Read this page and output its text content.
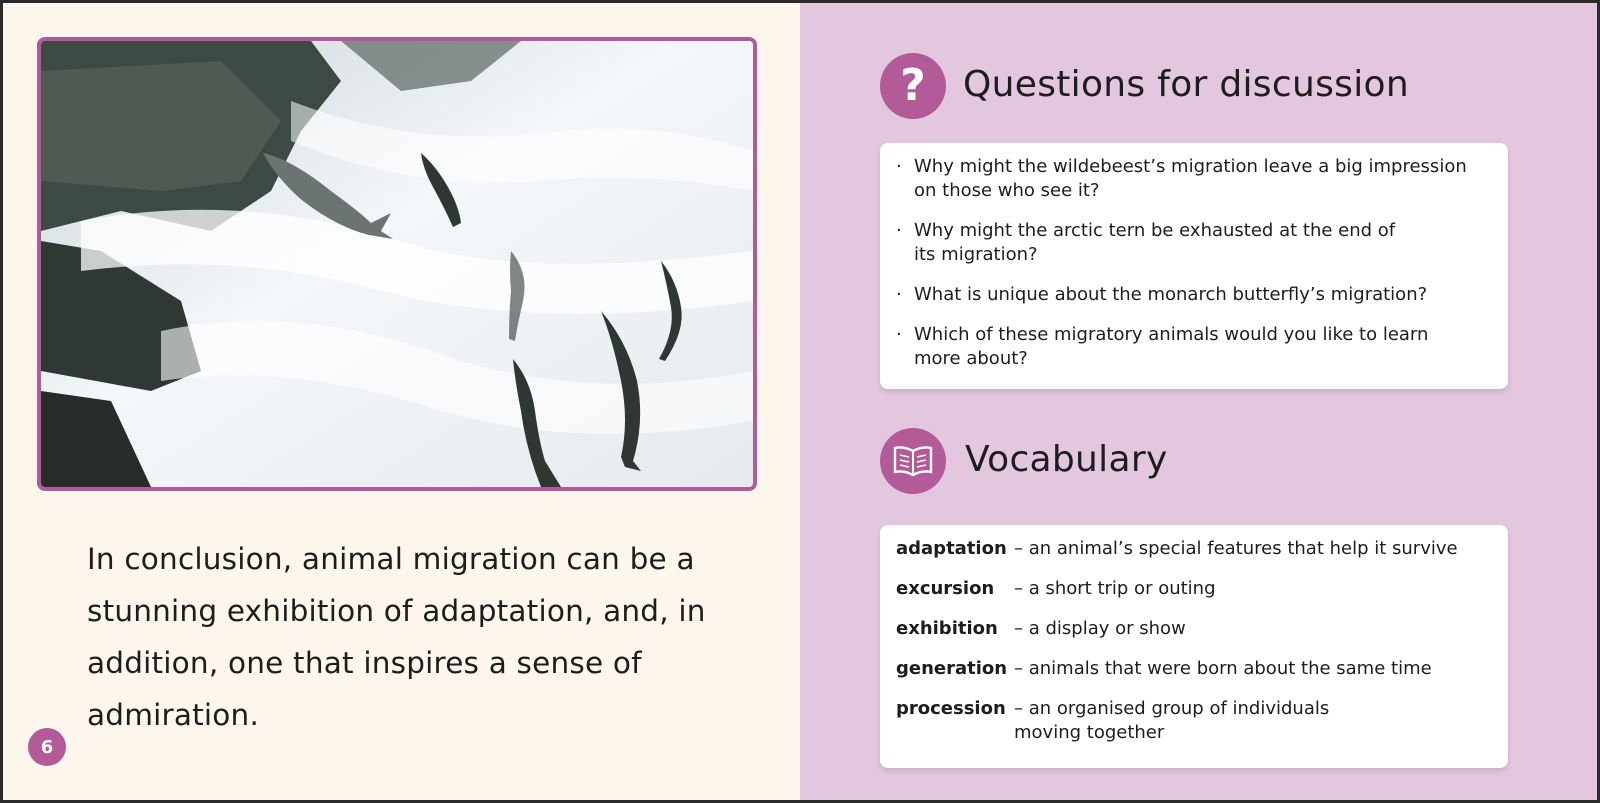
In conclusion, animal migration can be a stunning exhibition of adaptation, and, in addition, one that inspires a sense of admiration.

6
? Questions for discussion
· Why might the wildebeest’s migration leave a big impression on those who see it?
· Why might the arctic tern be exhausted at the end of its migration?
· What is unique about the monarch butterfly’s migration?
· Which of these migratory animals would you like to learn more about?
Vocabulary
adaptation – an animal’s special features that help it survive
excursion	– a short trip or outing
exhibition – a display or show
generation – animals that were born about the same time
procession – an organised group of individuals moving together
